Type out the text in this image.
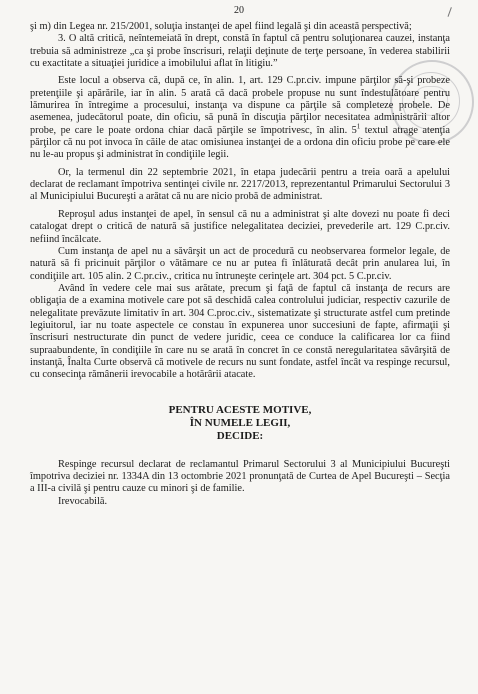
20

şi m) din Legea nr. 215/2001, soluţia instanţei de apel fiind legală şi din această perspectivă;

3. O altă critică, neîntemeiată în drept, constă în faptul că pentru soluţionarea cauzei, instanţa trebuia să administreze „ca şi probe înscrisuri, relaţii deţinute de terţe persoane, în vederea stabilirii cu exactitate a situaţiei juridice a imobilului aflat în litigiu.”

Este locul a observa că, după ce, în alin. 1, art. 129 C.pr.civ. impune părţilor să-şi probeze pretenţiile şi apărările, iar în alin. 5 arată că dacă probele propuse nu sunt îndestulătoare pentru lămurirea în întregime a procesului, instanţa va dispune ca părţile să completeze probele. De asemenea, judecătorul poate, din oficiu, să pună în discuţia părţilor necesitatea administrării altor probe, pe care le poate ordona chiar dacă părţile se împotrivesc, în alin. $5^1$ textul atrage atenţia părţilor că nu pot invoca în căile de atac omisiunea instanţei de a ordona din oficiu probe pe care ele nu le-au propus şi administrat în condiţiile legii.

Or, la termenul din 22 septembrie 2021, în etapa judecării pentru a treia oară a apelului declarat de reclamant împotriva sentinţei civile nr. 2217/2013, reprezentantul Primarului Sectorului 3 al Municipiului Bucureşti a arătat că nu are nicio probă de administrat.

Reproşul adus instanţei de apel, în sensul că nu a administrat şi alte dovezi nu poate fi deci catalogat drept o critică de natură să justifice nelegalitatea deciziei, prevederile art. 129 C.pr.civ. nefiind încălcate.

Cum instanţa de apel nu a săvârşit un act de procedură cu neobservarea formelor legale, de natură să fi pricinuit părţilor o vătămare ce nu ar putea fi înlăturată decât prin anularea lui, în condiţiile art. 105 alin. 2 C.pr.civ., critica nu întruneşte cerinţele art. 304 pct. 5 C.pr.civ.

Având în vedere cele mai sus arătate, precum şi faţă de faptul că instanţa de recurs are obligaţia de a examina motivele care pot să deschidă calea controlului judiciar, respectiv cazurile de nelegalitate prevăzute limitativ în art. 304 C.proc.civ., sistematizate şi structurate astfel cum pretinde legiuitorul, iar nu toate aspectele ce constau în expunerea unor succesiuni de fapte, afirmaţii şi înscrisuri nestructurate din punct de vedere juridic, ceea ce conduce la calificarea lor ca fiind supraabundente, în condiţiile în care nu se arată în concret în ce constă neregularitatea săvârşită de instanţă, Înalta Curte observă că motivele de recurs nu sunt fondate, astfel încât va respinge recursul, cu consecinţa rămânerii irevocabile a hotărârii atacate.

PENTRU ACESTE MOTIVE,

ÎN NUMELE LEGII,

DECIDE:

Respinge recursul declarat de reclamantul Primarul Sectorului 3 al Municipiului Bucureşti împotriva deciziei nr. 1334A din 13 octombrie 2021 pronunţată de Curtea de Apel Bucureşti – Secţia a III-a civilă şi pentru cauze cu minori şi de familie.

Irevocabilă.
